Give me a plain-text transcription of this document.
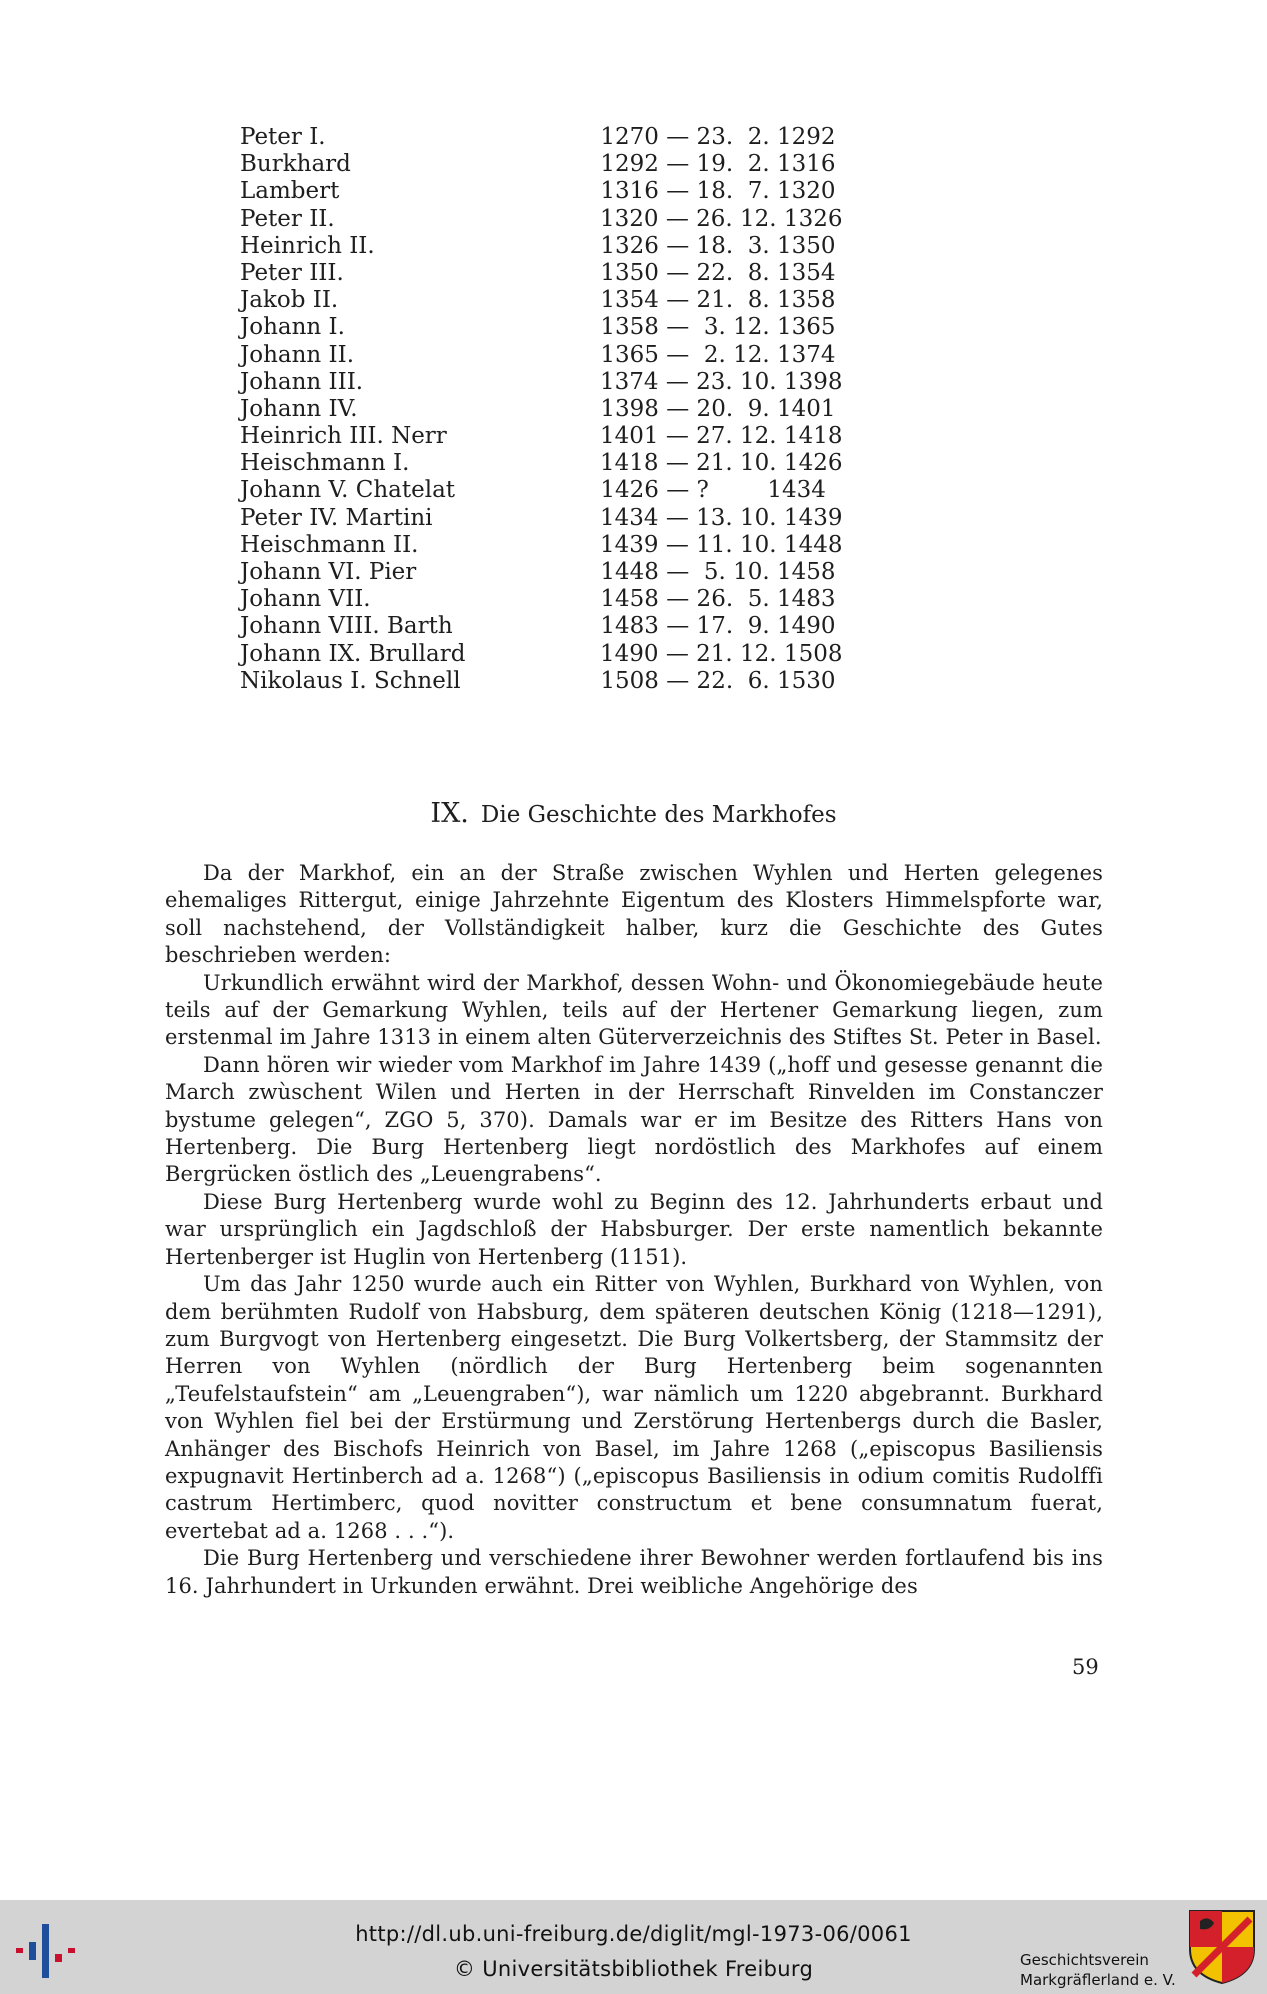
Peter I.	1270 — 23.  2. 1292
Burkhard	1292 — 19.  2. 1316
Lambert	1316 — 18.  7. 1320
Peter II.	1320 — 26. 12. 1326
Heinrich II.	1326 — 18.  3. 1350
Peter III.	1350 — 22.  8. 1354
Jakob II.	1354 — 21.  8. 1358
Johann I.	1358 —  3. 12. 1365
Johann II.	1365 —  2. 12. 1374
Johann III.	1374 — 23. 10. 1398
Johann IV.	1398 — 20.  9. 1401
Heinrich III. Nerr	1401 — 27. 12. 1418
Heischmann I.	1418 — 21. 10. 1426
Johann V. Chatelat	1426 — ?        1434
Peter IV. Martini	1434 — 13. 10. 1439
Heischmann II.	1439 — 11. 10. 1448
Johann VI. Pier	1448 —  5. 10. 1458
Johann VII.	1458 — 26.  5. 1483
Johann VIII. Barth	1483 — 17.  9. 1490
Johann IX. Brullard	1490 — 21. 12. 1508
Nikolaus I. Schnell	1508 — 22.  6. 1530
IX. Die Geschichte des Markhofes

Da der Markhof, ein an der Straße zwischen Wyhlen und Herten gelegenes ehemaliges Rittergut, einige Jahrzehnte Eigentum des Klosters Himmelspforte war, soll nachstehend, der Vollständigkeit halber, kurz die Geschichte des Gutes beschrieben werden:

Urkundlich erwähnt wird der Markhof, dessen Wohn- und Ökonomiegebäude heute teils auf der Gemarkung Wyhlen, teils auf der Hertener Gemarkung liegen, zum erstenmal im Jahre 1313 in einem alten Güterverzeichnis des Stiftes St. Peter in Basel.

Dann hören wir wieder vom Markhof im Jahre 1439 („hoff und gesesse genannt die March zwùschent Wilen und Herten in der Herrschaft Rinvelden im Constanczer bystume gelegen“, ZGO 5, 370). Damals war er im Besitze des Ritters Hans von Hertenberg. Die Burg Hertenberg liegt nordöstlich des Markhofes auf einem Bergrücken östlich des „Leuengrabens“.

Diese Burg Hertenberg wurde wohl zu Beginn des 12. Jahrhunderts erbaut und war ursprünglich ein Jagdschloß der Habsburger. Der erste namentlich bekannte Hertenberger ist Huglin von Hertenberg (1151).

Um das Jahr 1250 wurde auch ein Ritter von Wyhlen, Burkhard von Wyhlen, von dem berühmten Rudolf von Habsburg, dem späteren deutschen König (1218—1291), zum Burgvogt von Hertenberg eingesetzt. Die Burg Volkertsberg, der Stammsitz der Herren von Wyhlen (nördlich der Burg Hertenberg beim sogenannten „Teufelstaufstein“ am „Leuengraben“), war nämlich um 1220 abgebrannt. Burkhard von Wyhlen fiel bei der Erstürmung und Zerstörung Hertenbergs durch die Basler, Anhänger des Bischofs Heinrich von Basel, im Jahre 1268 („episcopus Basiliensis expugnavit Hertinberch ad a. 1268“) („episcopus Basiliensis in odium comitis Rudolffi castrum Hertimberc, quod novitter constructum et bene consumnatum fuerat, evertebat ad a. 1268 . . .“).

Die Burg Hertenberg und verschiedene ihrer Bewohner werden fortlaufend bis ins 16. Jahrhundert in Urkunden erwähnt. Drei weibliche Angehörige des

59
http://dl.ub.uni-freiburg.de/diglit/mgl-1973-06/0061
© Universitätsbibliothek Freiburg	Geschichtsverein
Markgräflerland e. V.
